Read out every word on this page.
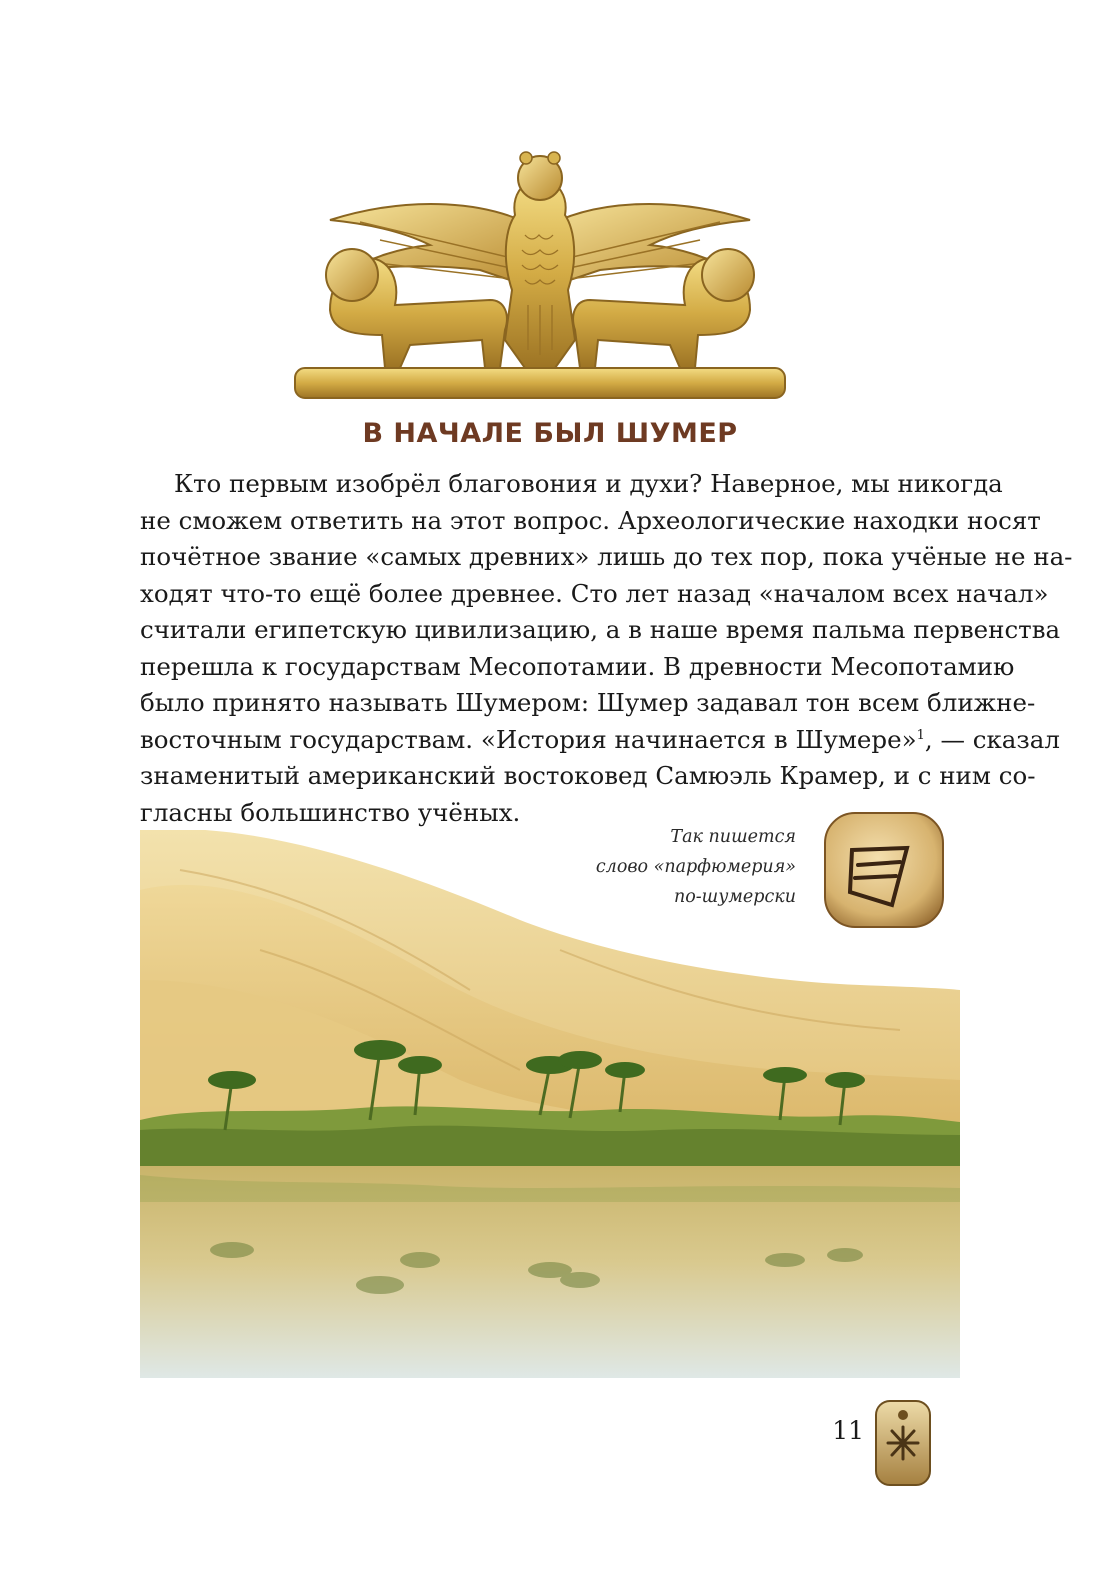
В НАЧАЛЕ БЫЛ ШУМЕР
Кто первым изобрёл благовония и духи? Наверное, мы никогда
не сможем ответить на этот вопрос. Археологические находки носят
почётное звание «самых древних» лишь до тех пор, пока учёные не на-
ходят что-то ещё более древнее. Сто лет назад «началом всех начал»
считали египетскую цивилизацию, а в наше время пальма первенства
перешла к государствам Месопотамии. В древности Месопотамию
было принято называть Шумером: Шумер задавал тон всем ближне-
восточным государствам. «История начинается в Шумере»$^1$, — сказал
знаменитый американский востоковед Самюэль Крамер, и с ним со-
гласны большинство учёных.
Так пишется
слово «парфюмерия»
по-шумерски
11
